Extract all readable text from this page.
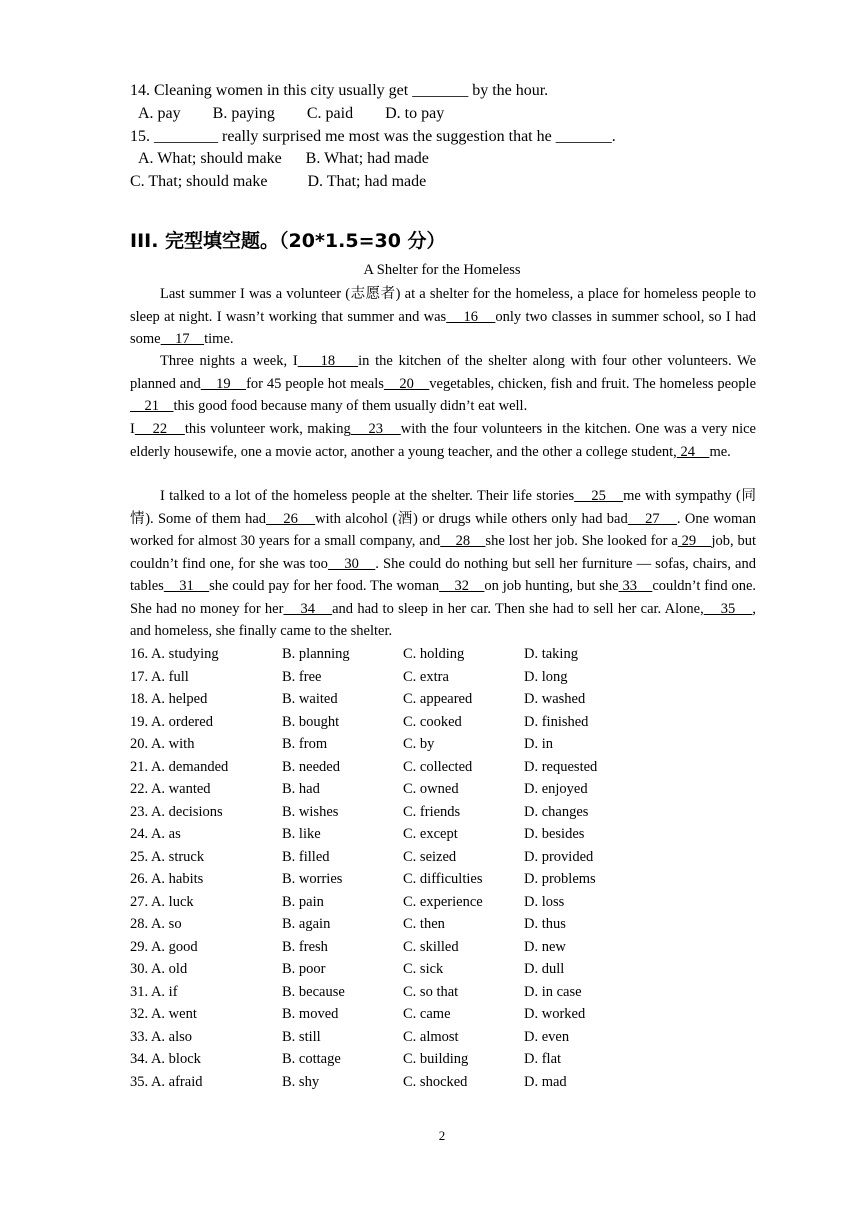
14. Cleaning women in this city usually get _______ by the hour.
A. pay        B. paying        C. paid        D. to pay
15. ________ really surprised me most was the suggestion that he _______.
A. What; should make      B. What; had made
C. That; should make          D. That; had made
III. 完型填空题。（20*1.5=30 分）
A Shelter for the Homeless
Last summer I was a volunteer (志愿者) at a shelter for the homeless, a place for homeless people to sleep at night. I wasn’t working that summer and was    16    only two classes in summer school, so I had some    17    time.
Three nights a week, I    18    in the kitchen of the shelter along with four other volunteers. We planned and    19    for 45 people hot meals    20    vegetables, chicken, fish and fruit. The homeless people    21    this good food because many of them usually didn’t eat well.
I    22    this volunteer work, making    23    with the four volunteers in the kitchen. One was a very nice elderly housewife, one a movie actor, another a young teacher, and the other a college student, 24    me.
I talked to a lot of the homeless people at the shelter. Their life stories    25    me with sympathy (同情). Some of them had    26    with alcohol (酒) or drugs while others only had bad    27    . One woman worked for almost 30 years for a small company, and    28    she lost her job. She looked for a 29    job, but couldn’t find one, for she was too    30    . She could do nothing but sell her furniture — sofas, chairs, and tables    31    she could pay for her food. The woman    32    on job hunting, but she 33    couldn’t find one. She had no money for her    34    and had to sleep in her car. Then she had to sell her car. Alone,    35    , and homeless, she finally came to the shelter.
16. A. studying	B. planning	C. holding	D. taking
17. A. full	B. free	C. extra	D. long
18. A. helped	B. waited	C. appeared	D. washed
19. A. ordered	B. bought	C. cooked	D. finished
20. A. with	B. from	C. by	D. in
21. A. demanded	B. needed	C. collected	D. requested
22. A. wanted	B. had	C. owned	D. enjoyed
23. A. decisions	B. wishes	C. friends	D. changes
24. A. as	B. like	C. except	D. besides
25. A. struck	B. filled	C. seized	D. provided
26. A. habits	B. worries	C. difficulties	D. problems
27. A. luck	B. pain	C. experience	D. loss
28. A. so	B. again	C. then	D. thus
29. A. good	B. fresh	C. skilled	D. new
30. A. old	B. poor	C. sick	D. dull
31. A. if	B. because	C. so that	D. in case
32. A. went	B. moved	C. came	D. worked
33. A. also	B. still	C. almost	D. even
34. A. block	B. cottage	C. building	D. flat
35. A. afraid	B. shy	C. shocked	D. mad
2
